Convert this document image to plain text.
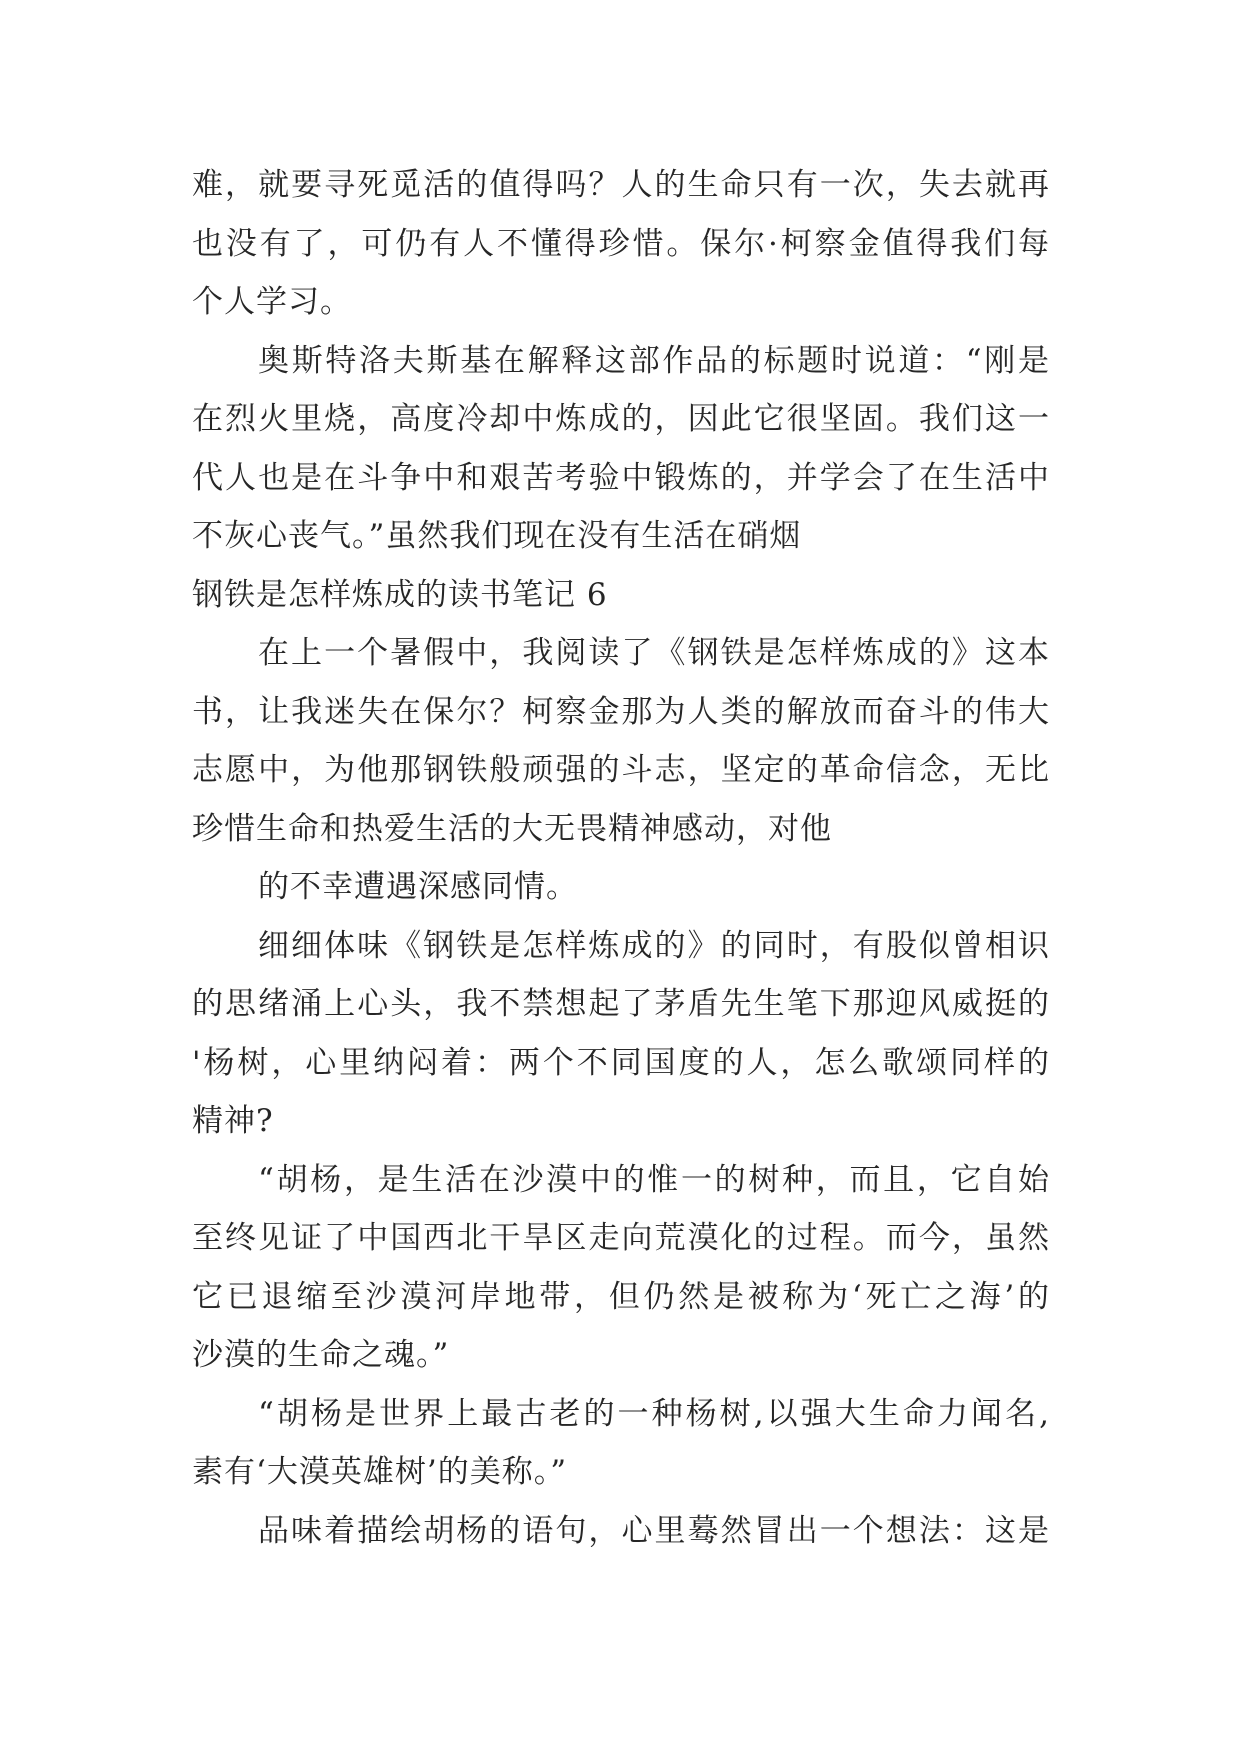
难，就要寻死觅活的值得吗？人的生命只有一次，失去就再
也没有了，可仍有人不懂得珍惜。保尔·柯察金值得我们每
个人学习。
奥斯特洛夫斯基在解释这部作品的标题时说道：“刚是
在烈火里烧，高度冷却中炼成的，因此它很坚固。我们这一
代人也是在斗争中和艰苦考验中锻炼的，并学会了在生活中
不灰心丧气。”虽然我们现在没有生活在硝烟
钢铁是怎样炼成的读书笔记 6
在上一个暑假中，我阅读了《钢铁是怎样炼成的》这本
书，让我迷失在保尔？柯察金那为人类的解放而奋斗的伟大
志愿中，为他那钢铁般顽强的斗志，坚定的革命信念，无比
珍惜生命和热爱生活的大无畏精神感动，对他
的不幸遭遇深感同情。
细细体味《钢铁是怎样炼成的》的同时，有股似曾相识
的思绪涌上心头，我不禁想起了茅盾先生笔下那迎风威挺的
'杨树，心里纳闷着：两个不同国度的人，怎么歌颂同样的
精神?
“胡杨，是生活在沙漠中的惟一的树种，而且，它自始
至终见证了中国西北干旱区走向荒漠化的过程。而今，虽然
它已退缩至沙漠河岸地带，但仍然是被称为‘死亡之海’的
沙漠的生命之魂。”
“胡杨是世界上最古老的一种杨树,以强大生命力闻名,
素有‘大漠英雄树’的美称。”
品味着描绘胡杨的语句，心里蓦然冒出一个想法：这是
